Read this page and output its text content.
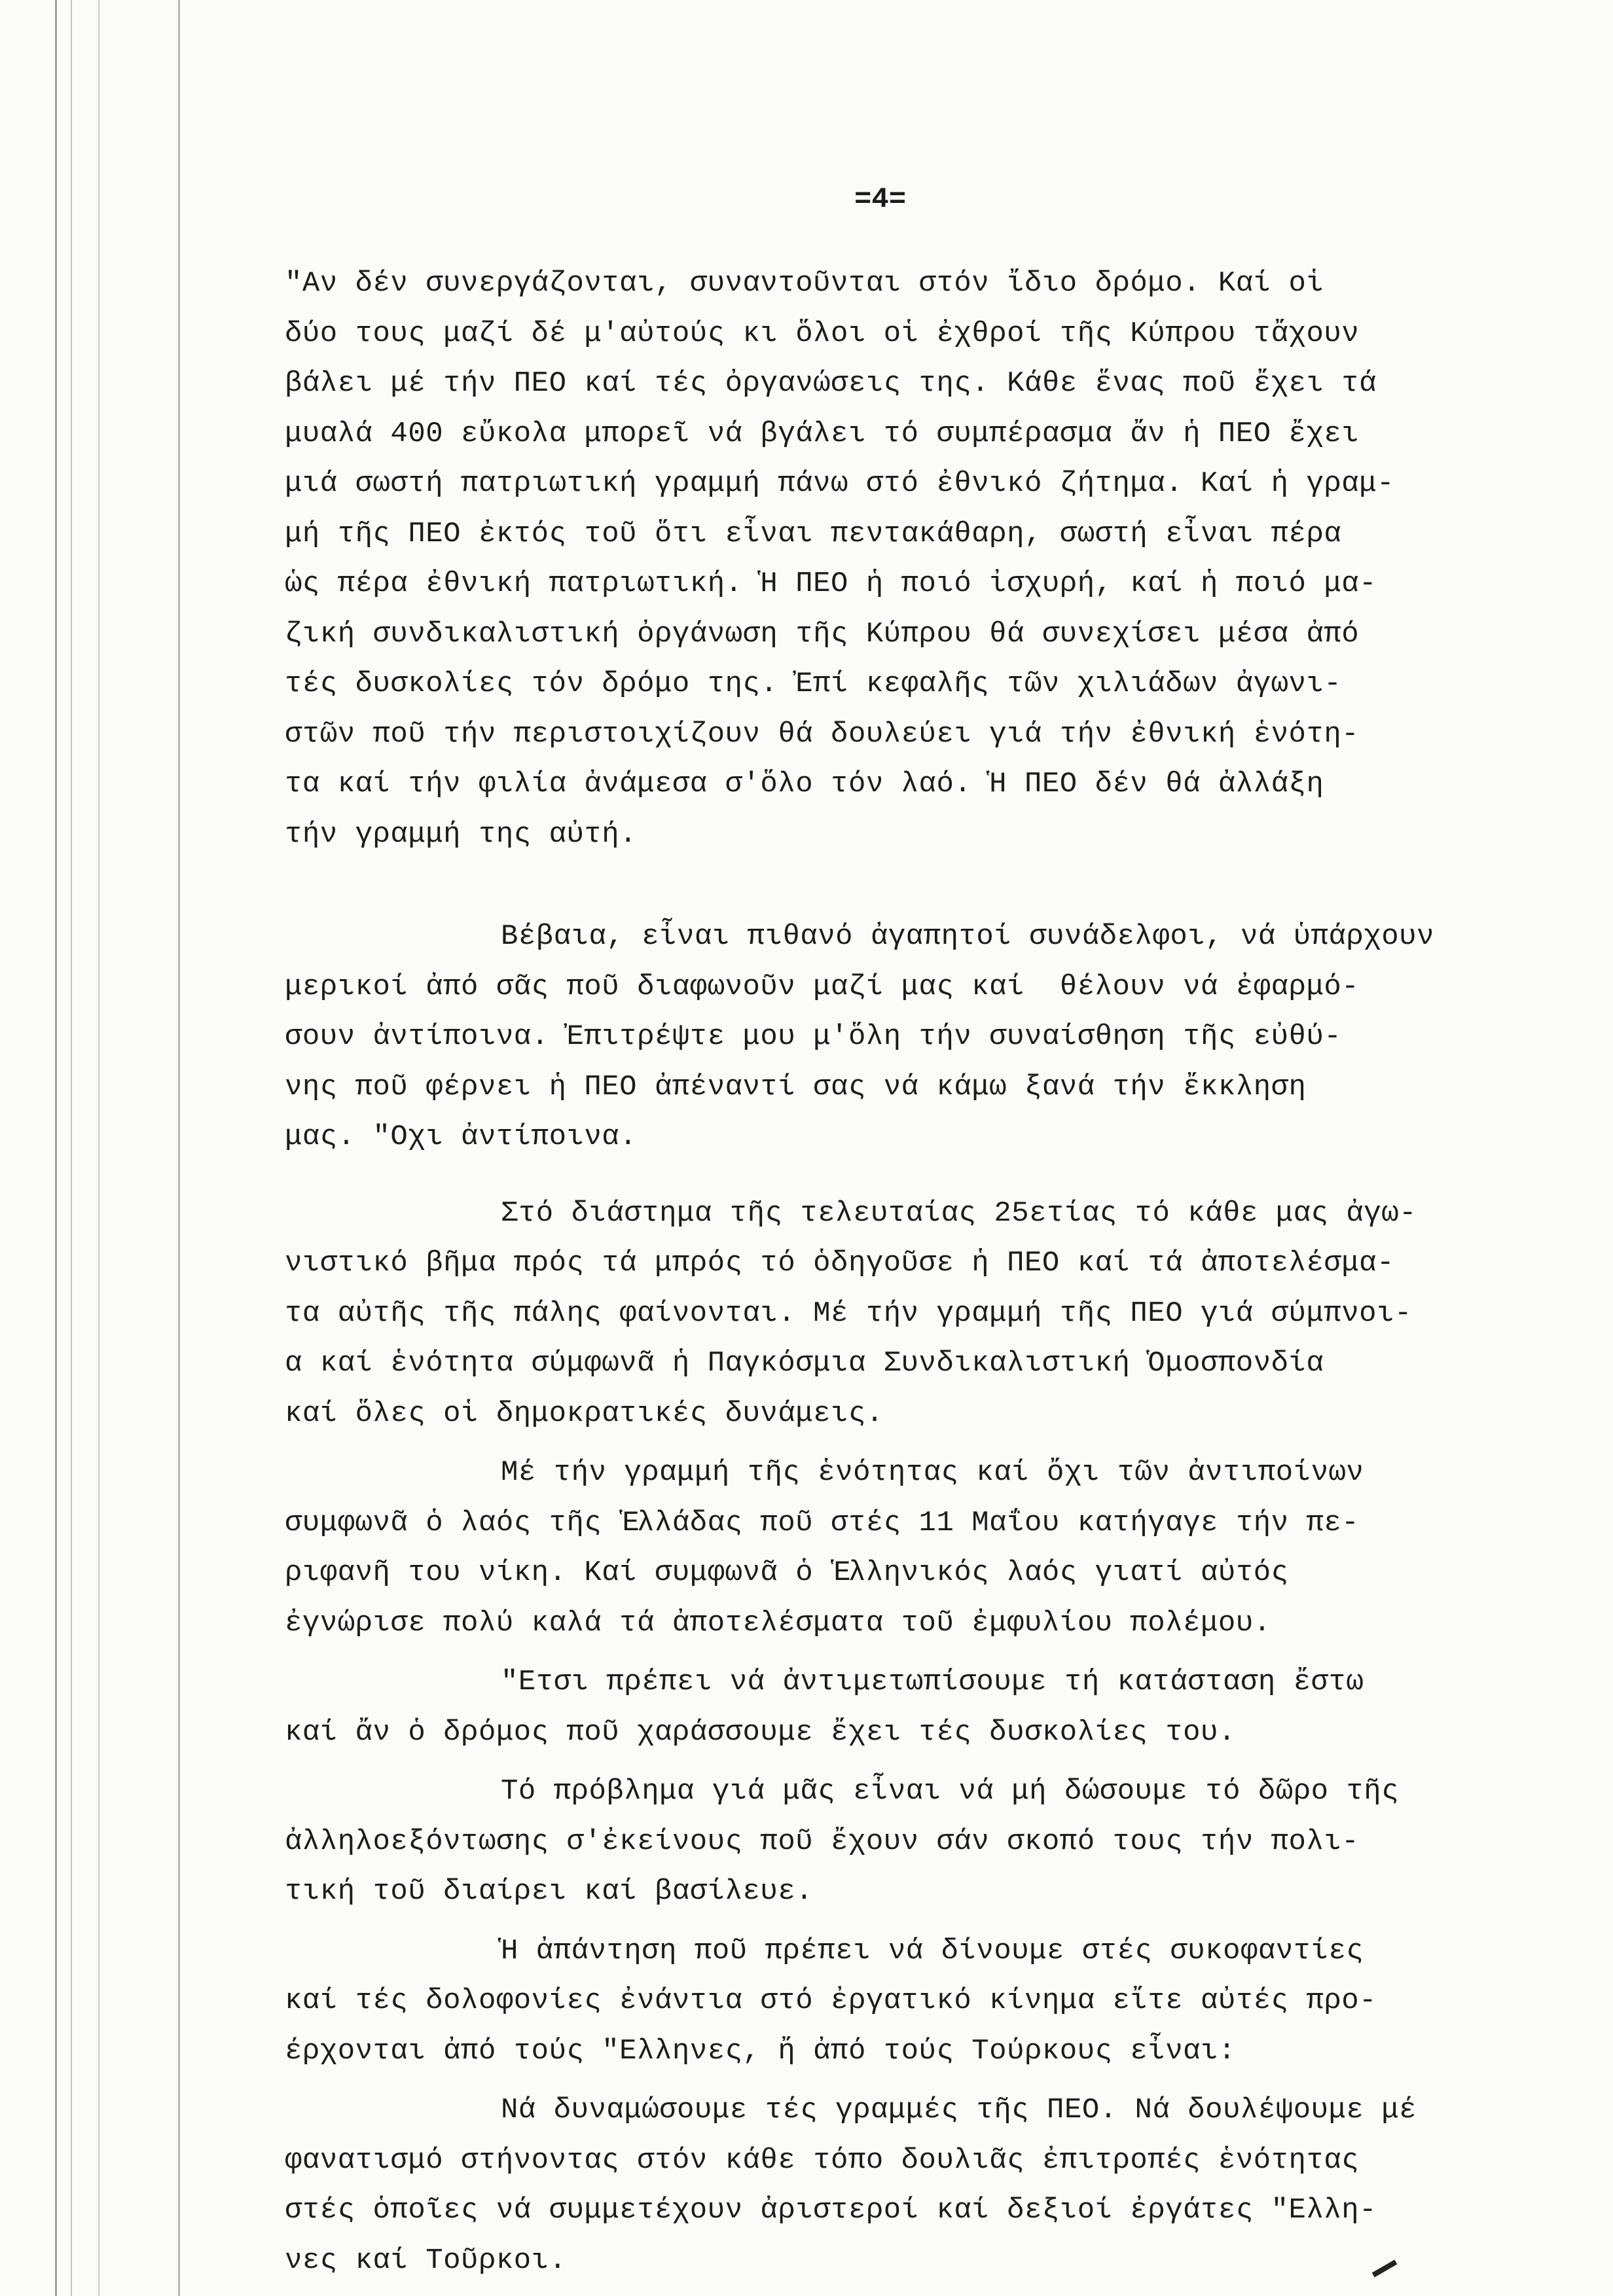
=4=
"Αν δέν συνεργάζονται, συναντοῦνται στόν ἴδιο δρόμο. Καί οἱ
δύο τους μαζί δέ μ'αὐτούς κι ὅλοι οἱ ἐχθροί τῆς Κύπρου τἄχουν
βάλει μέ τήν ΠΕΟ καί τές ὀργανώσεις της. Κάθε ἕνας ποῦ ἔχει τά
μυαλά 400 εὔκολα μπορεῖ νά βγάλει τό συμπέρασμα ἄν ἡ ΠΕΟ ἔχει
μιά σωστή πατριωτική γραμμή πάνω στό ἐθνικό ζήτημα. Καί ἡ γραμ-
μή τῆς ΠΕΟ ἐκτός τοῦ ὅτι εἶναι πεντακάθαρη, σωστή εἶναι πέρα
ὡς πέρα ἐθνική πατριωτική. Ἡ ΠΕΟ ἡ ποιό ἰσχυρή, καί ἡ ποιό μα-
ζική συνδικαλιστική ὀργάνωση τῆς Κύπρου θά συνεχίσει μέσα ἀπό
τές δυσκολίες τόν δρόμο της. Ἐπί κεφαλῆς τῶν χιλιάδων ἀγωνι-
στῶν ποῦ τήν περιστοιχίζουν θά δουλεύει γιά τήν ἐθνική ἑνότη-
τα καί τήν φιλία ἀνάμεσα σ'ὅλο τόν λαό. Ἡ ΠΕΟ δέν θά ἀλλάξη
τήν γραμμή της αὐτή.
Βέβαια, εἶναι πιθανό ἀγαπητοί συνάδελφοι, νά ὑπάρχουν
μερικοί ἀπό σᾶς ποῦ διαφωνοῦν μαζί μας καί  θέλουν νά ἐφαρμό-
σουν ἀντίποινα. Ἐπιτρέψτε μου μ'ὅλη τήν συναίσθηση τῆς εὐθύ-
νης ποῦ φέρνει ἡ ΠΕΟ ἀπέναντί σας νά κάμω ξανά τήν ἔκκληση
μας. "Οχι ἀντίποινα.
Στό διάστημα τῆς τελευταίας 25ετίας τό κάθε μας ἀγω-
νιστικό βῆμα πρός τά μπρός τό ὁδηγοῦσε ἡ ΠΕΟ καί τά ἀποτελέσμα-
τα αὐτῆς τῆς πάλης φαίνονται. Μέ τήν γραμμή τῆς ΠΕΟ γιά σύμπνοι-
α καί ἑνότητα σύμφωνᾶ ἡ Παγκόσμια Συνδικαλιστική Ὁμοσπονδία
καί ὅλες οἱ δημοκρατικές δυνάμεις.
Μέ τήν γραμμή τῆς ἑνότητας καί ὄχι τῶν ἀντιποίνων
συμφωνᾶ ὁ λαός τῆς Ἑλλάδας ποῦ στές 11 Μαΐου κατήγαγε τήν πε-
ριφανῆ του νίκη. Καί συμφωνᾶ ὁ Ἑλληνικός λαός γιατί αὐτός
ἐγνώρισε πολύ καλά τά ἀποτελέσματα τοῦ ἐμφυλίου πολέμου.
"Ετσι πρέπει νά ἀντιμετωπίσουμε τή κατάσταση ἔστω
καί ἄν ὁ δρόμος ποῦ χαράσσουμε ἔχει τές δυσκολίες του.
Τό πρόβλημα γιά μᾶς εἶναι νά μή δώσουμε τό δῶρο τῆς
ἀλληλοεξόντωσης σ'ἐκείνους ποῦ ἔχουν σάν σκοπό τους τήν πολι-
τική τοῦ διαίρει καί βασίλευε.
Ἡ ἀπάντηση ποῦ πρέπει νά δίνουμε στές συκοφαντίες
καί τές δολοφονίες ἐνάντια στό ἐργατικό κίνημα εἴτε αὐτές προ-
έρχονται ἀπό τούς "Ελληνες, ἤ ἀπό τούς Τούρκους εἶναι:
Νά δυναμώσουμε τές γραμμές τῆς ΠΕΟ. Νά δουλέψουμε μέ
φανατισμό στήνοντας στόν κάθε τόπο δουλιᾶς ἐπιτροπές ἑνότητας
στές ὁποῖες νά συμμετέχουν ἀριστεροί καί δεξιοί ἐργάτες "Ελλη-
νες καί Τοῦρκοι.
